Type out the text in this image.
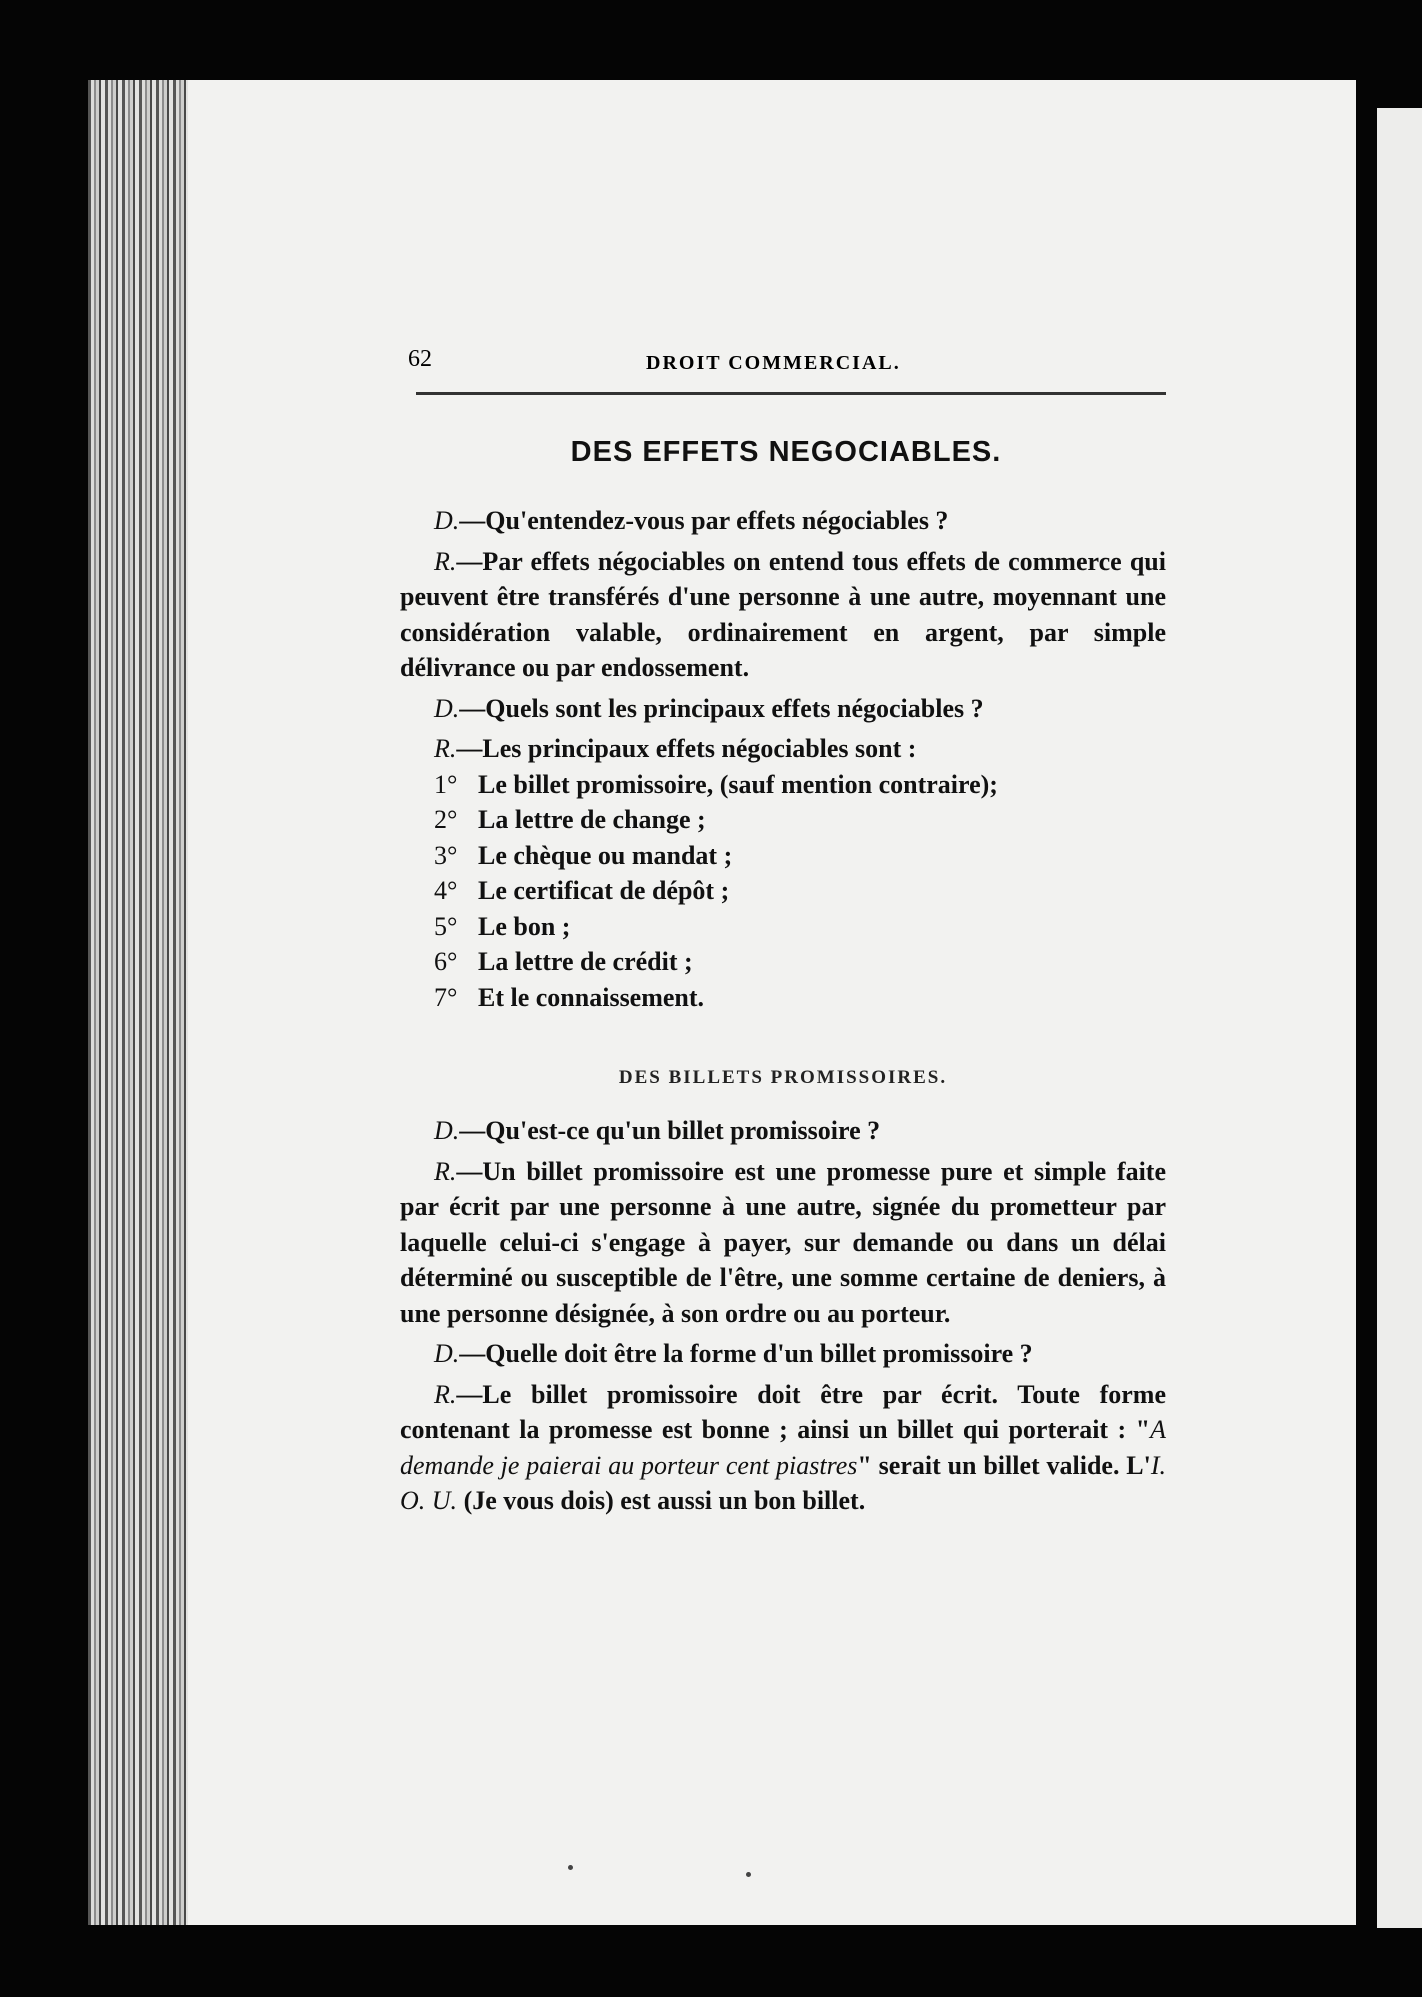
62	DROIT COMMERCIAL.
DES EFFETS NEGOCIABLES.

D.—Qu'entendez-vous par effets négociables ?

R.—Par effets négociables on entend tous effets de commerce qui peuvent être transférés d'une personne à une autre, moyennant une considération valable, ordinairement en argent, par simple délivrance ou par endossement.

D.—Quels sont les principaux effets négociables ?

R.—Les principaux effets négociables sont :

1° Le billet promissoire, (sauf mention contraire);

2° La lettre de change ;

3° Le chèque ou mandat ;

4° Le certificat de dépôt ;

5° Le bon ;

6° La lettre de crédit ;

7° Et le connaissement.

DES BILLETS PROMISSOIRES.

D.—Qu'est-ce qu'un billet promissoire ?

R.—Un billet promissoire est une promesse pure et simple faite par écrit par une personne à une autre, signée du prometteur par laquelle celui-ci s'engage à payer, sur demande ou dans un délai déterminé ou susceptible de l'être, une somme certaine de deniers, à une personne désignée, à son ordre ou au porteur.

D.—Quelle doit être la forme d'un billet promissoire ?

R.—Le billet promissoire doit être par écrit. Toute forme contenant la promesse est bonne ; ainsi un billet qui porterait : "A demande je paierai au porteur cent piastres" serait un billet valide. L'I. O. U. (Je vous dois) est aussi un bon billet.
